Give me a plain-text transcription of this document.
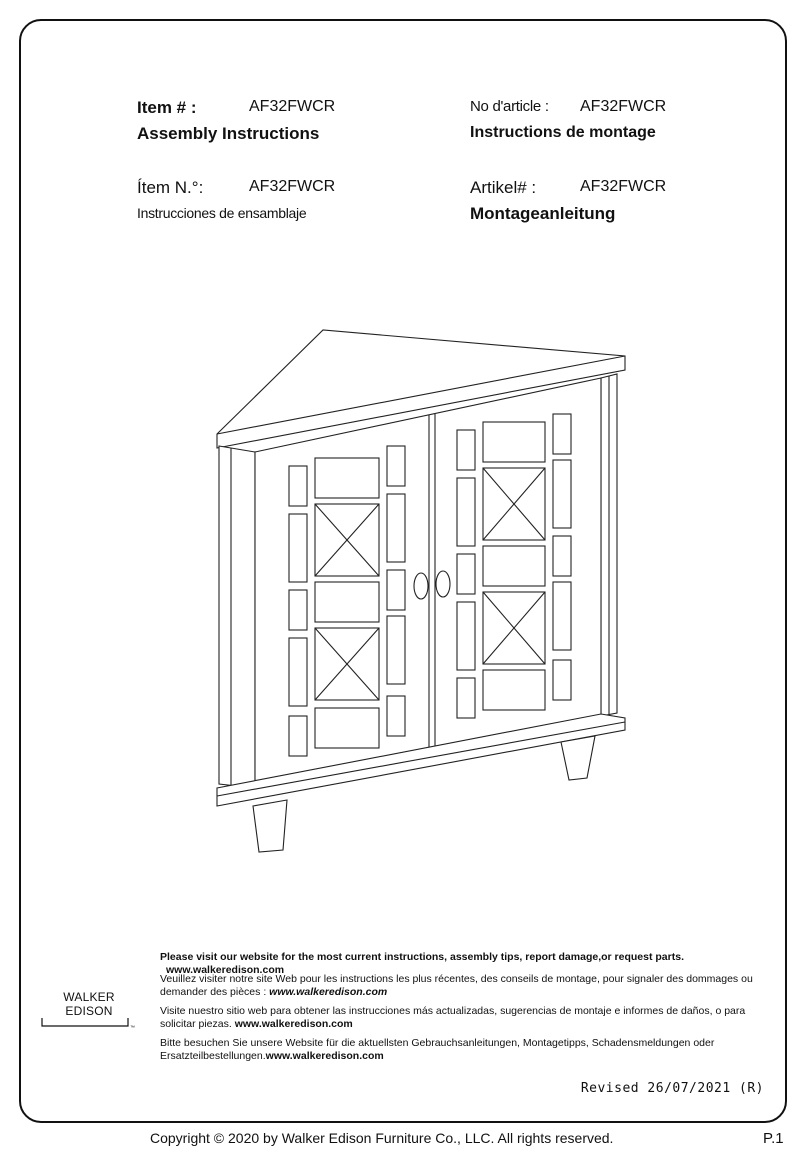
Item # :	AF32FWCR
Assembly Instructions
No d'article : AF32FWCR
Instructions de montage
Ítem N.°:	AF32FWCR
Instrucciones de ensamblaje
Artikel# :	AF32FWCR
Montageanleitung
Please visit our website for the most current instructions, assembly tips, report damage,or request parts. www.walkeredison.com
Veuillez visiter notre site Web pour les instructions les plus récentes, des conseils de montage, pour signaler des dommages ou demander des pièces : www.walkeredison.com
Visite nuestro sitio web para obtener las instrucciones más actualizadas, sugerencias de montaje e informes de daños, o para solicitar piezas. www.walkeredison.com
Bitte besuchen Sie unsere Website für die aktuellsten Gebrauchsanleitungen, Montagetipps, Schadensmeldungen oder Ersatzteilbestellungen.www.walkeredison.com
WALKER EDISON
™
Revised 26/07/2021 (R)
Copyright © 2020 by Walker Edison Furniture Co., LLC. All rights reserved.	P.1
